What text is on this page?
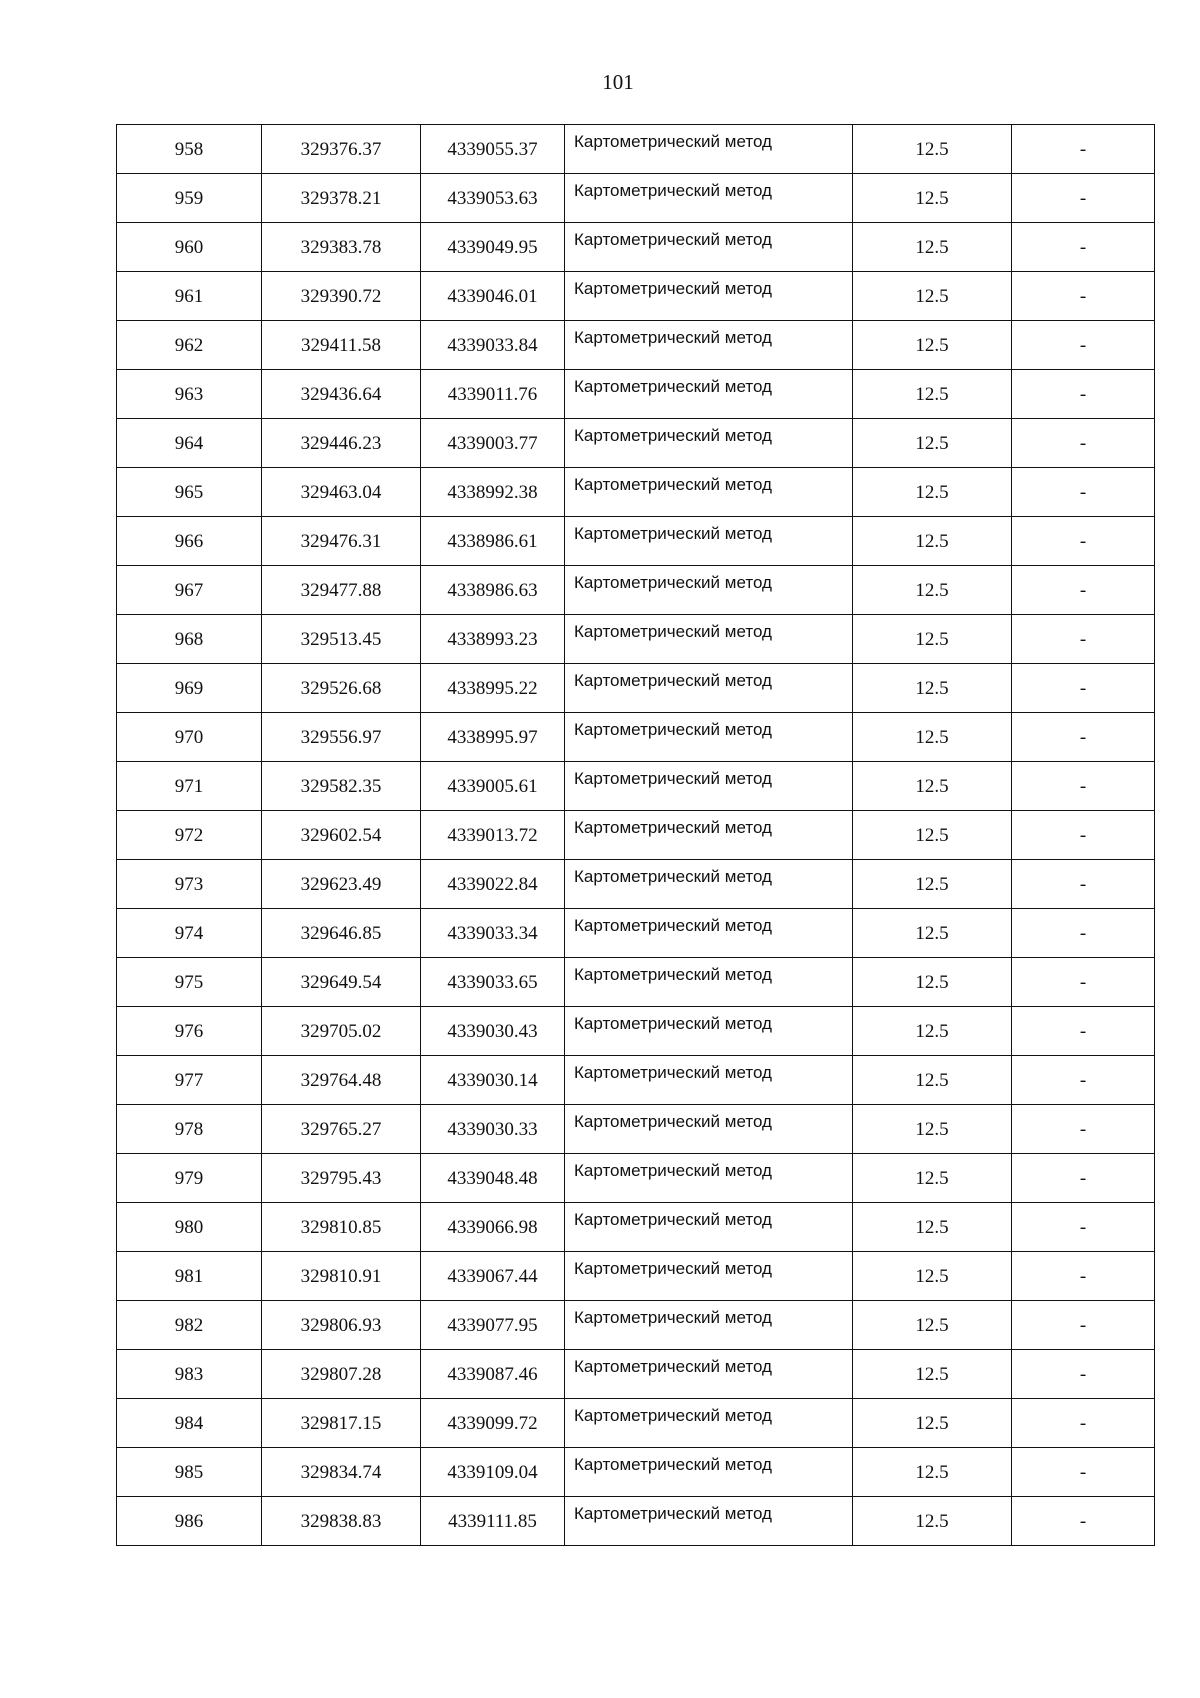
101
958	329376.37	4339055.37	Картометрический метод	12.5	-
959	329378.21	4339053.63	Картометрический метод	12.5	-
960	329383.78	4339049.95	Картометрический метод	12.5	-
961	329390.72	4339046.01	Картометрический метод	12.5	-
962	329411.58	4339033.84	Картометрический метод	12.5	-
963	329436.64	4339011.76	Картометрический метод	12.5	-
964	329446.23	4339003.77	Картометрический метод	12.5	-
965	329463.04	4338992.38	Картометрический метод	12.5	-
966	329476.31	4338986.61	Картометрический метод	12.5	-
967	329477.88	4338986.63	Картометрический метод	12.5	-
968	329513.45	4338993.23	Картометрический метод	12.5	-
969	329526.68	4338995.22	Картометрический метод	12.5	-
970	329556.97	4338995.97	Картометрический метод	12.5	-
971	329582.35	4339005.61	Картометрический метод	12.5	-
972	329602.54	4339013.72	Картометрический метод	12.5	-
973	329623.49	4339022.84	Картометрический метод	12.5	-
974	329646.85	4339033.34	Картометрический метод	12.5	-
975	329649.54	4339033.65	Картометрический метод	12.5	-
976	329705.02	4339030.43	Картометрический метод	12.5	-
977	329764.48	4339030.14	Картометрический метод	12.5	-
978	329765.27	4339030.33	Картометрический метод	12.5	-
979	329795.43	4339048.48	Картометрический метод	12.5	-
980	329810.85	4339066.98	Картометрический метод	12.5	-
981	329810.91	4339067.44	Картометрический метод	12.5	-
982	329806.93	4339077.95	Картометрический метод	12.5	-
983	329807.28	4339087.46	Картометрический метод	12.5	-
984	329817.15	4339099.72	Картометрический метод	12.5	-
985	329834.74	4339109.04	Картометрический метод	12.5	-
986	329838.83	4339111.85	Картометрический метод	12.5	-
